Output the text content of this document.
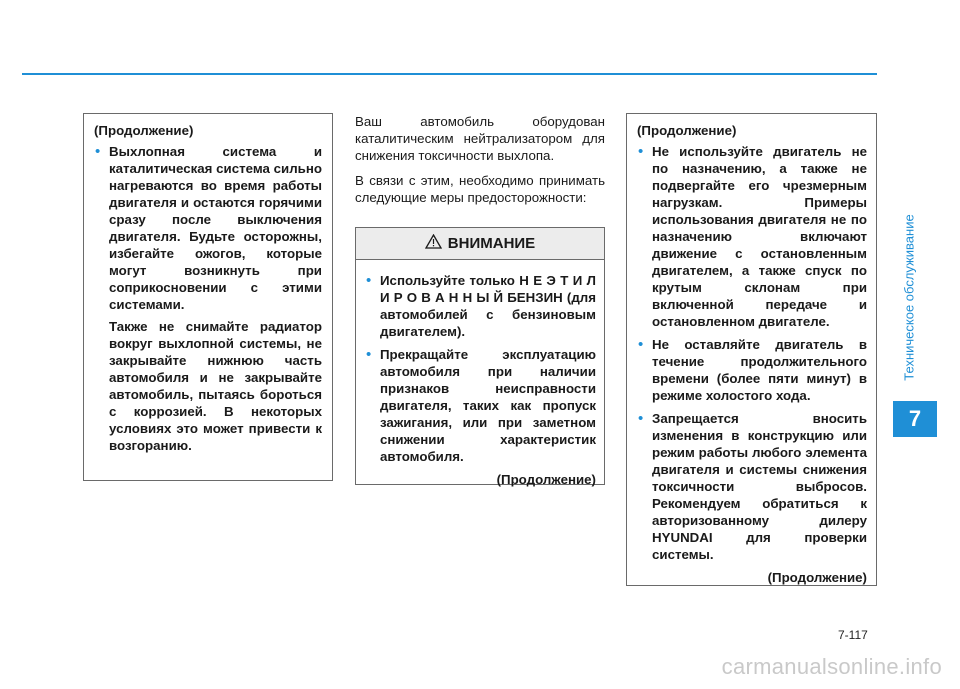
Техническое обслуживание
7

(Продолжение)

• Выхлопная система и каталитическая система сильно нагреваются во время работы двигателя и остаются горячими сразу после выключения двигателя. Будьте осторожны, избегайте ожогов, которые могут возникнуть при соприкосновении с этими системами.

Также не снимайте радиатор вокруг выхлопной системы, не закрывайте нижнюю часть автомобиля и не закрывайте автомобиль, пытаясь бороться с коррозией. В некоторых условиях это может привести к возгоранию.

Ваш автомобиль оборудован каталитическим нейтрализатором для снижения токсичности выхлопа.

В связи с этим, необходимо принимать следующие меры предосторожности:

ВНИМАНИЕ
• Используйте только Н Е Э Т И Л И Р О В А Н Н Ы Й БЕНЗИН (для автомобилей с бензиновым двигателем).

• Прекращайте эксплуатацию автомобиля при наличии признаков неисправности двигателя, таких как пропуск зажигания, или при заметном снижении характеристик автомобиля.

(Продолжение)

(Продолжение)

• Не используйте двигатель не по назначению, а также не подвергайте его чрезмерным нагрузкам. Примеры использования двигателя не по назначению включают движение с остановленным двигателем, а также спуск по крутым склонам при включенной передаче и остановленном двигателе.

• Не оставляйте двигатель в течение продолжительного времени (более пяти минут) в режиме холостого хода.

• Запрещается вносить изменения в конструкцию или режим работы любого элемента двигателя и системы снижения токсичности выбросов. Рекомендуем обратиться к авторизованному дилеру HYUNDAI для проверки системы.

(Продолжение)

7-117
carmanualsonline.info
